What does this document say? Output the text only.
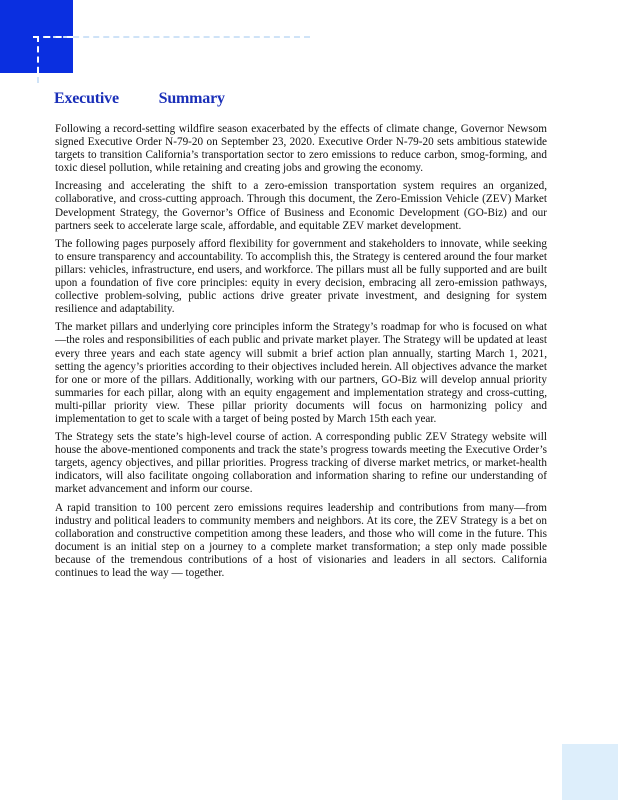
Executive Summary

Following a record-setting wildfire season exacerbated by the effects of climate change, Governor Newsom signed Executive Order N-79-20 on September 23, 2020. Executive Order N-79-20 sets ambitious statewide targets to transition California’s transportation sector to zero emissions to reduce carbon, smog-forming, and toxic diesel pollution, while retaining and creating jobs and growing the economy.

Increasing and accelerating the shift to a zero-emission transportation system requires an organized, collaborative, and cross-cutting approach. Through this document, the Zero-Emission Vehicle (ZEV) Market Development Strategy, the Governor’s Office of Business and Economic Development (GO-Biz) and our partners seek to accelerate large scale, affordable, and equitable ZEV market development.

The following pages purposely afford flexibility for government and stakeholders to innovate, while seeking to ensure transparency and accountability. To accomplish this, the Strategy is centered around the four market pillars: vehicles, infrastructure, end users, and workforce. The pillars must all be fully supported and are built upon a foundation of five core principles: equity in every decision, embracing all zero-emission pathways, collective problem-solving, public actions drive greater private investment, and designing for system resilience and adaptability.

The market pillars and underlying core principles inform the Strategy’s roadmap for who is focused on what —the roles and responsibilities of each public and private market player. The Strategy will be updated at least every three years and each state agency will submit a brief action plan annually, starting March 1, 2021, setting the agency’s priorities according to their objectives included herein. All objectives advance the market for one or more of the pillars. Additionally, working with our partners, GO-Biz will develop annual priority summaries for each pillar, along with an equity engagement and implementation strategy and cross-cutting, multi-pillar priority view. These pillar priority documents will focus on harmonizing policy and implementation to get to scale with a target of being posted by March 15th each year.

The Strategy sets the state’s high-level course of action. A corresponding public ZEV Strategy website will house the above-mentioned components and track the state’s progress towards meeting the Executive Order’s targets, agency objectives, and pillar priorities. Progress tracking of diverse market metrics, or market-health indicators, will also facilitate ongoing collaboration and information sharing to refine our understanding of market advancement and inform our course.

A rapid transition to 100 percent zero emissions requires leadership and contributions from many—from industry and political leaders to community members and neighbors. At its core, the ZEV Strategy is a bet on collaboration and constructive competition among these leaders, and those who will come in the future. This document is an initial step on a journey to a complete market transformation; a step only made possible because of the tremendous contributions of a host of visionaries and leaders in all sectors. California continues to lead the way — together.
